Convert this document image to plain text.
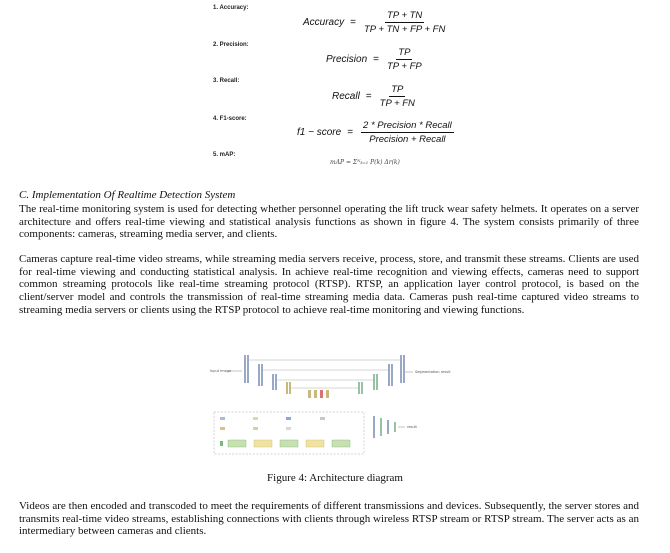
1. Accuracy:
2. Precision:
3. Recall:
4. F1-score:
5. mAP:
Accuracy = $\frac{TP + TN}{TP + TN + FP + FN}$
Precision = $\frac{TP}{TP + FP}$
Recall = $\frac{TP}{TP + FN}$
f1 − score = $\frac{\text{2 * Precision * Recall}}{\text{Precision + Recall}}$
mAP = Σᴺₖ₌₁ P(k) Δr(k)
C. Implementation Of Realtime Detection System

The real-time monitoring system is used for detecting whether personnel operating the lift truck wear safety helmets. It operates on a server architecture and offers real-time viewing and statistical analysis functions as shown in figure 4. The system consists primarily of three components: cameras, streaming media server, and clients.

Cameras capture real-time video streams, while streaming media servers receive, process, store, and transmit these streams. Clients are used for real-time viewing and conducting statistical analysis. In achieve real-time recognition and viewing effects, cameras need to support common streaming protocols like real-time streaming protocol (RTSP). RTSP, an application layer control protocol, is based on the client/server model and controls the transmission of real-time streaming media data. Cameras push real-time captured video streams to streaming media servers or clients using the RTSP protocol to achieve real-time monitoring and viewing functions.

Input Image	Segmentation result
result
Figure 4: Architecture diagram

Videos are then encoded and transcoded to meet the requirements of different transmissions and devices. Subsequently, the server stores and transmits real-time video streams, establishing connections with clients through wireless RTSP stream or RTSP stream. The server acts as an intermediary between cameras and clients.
